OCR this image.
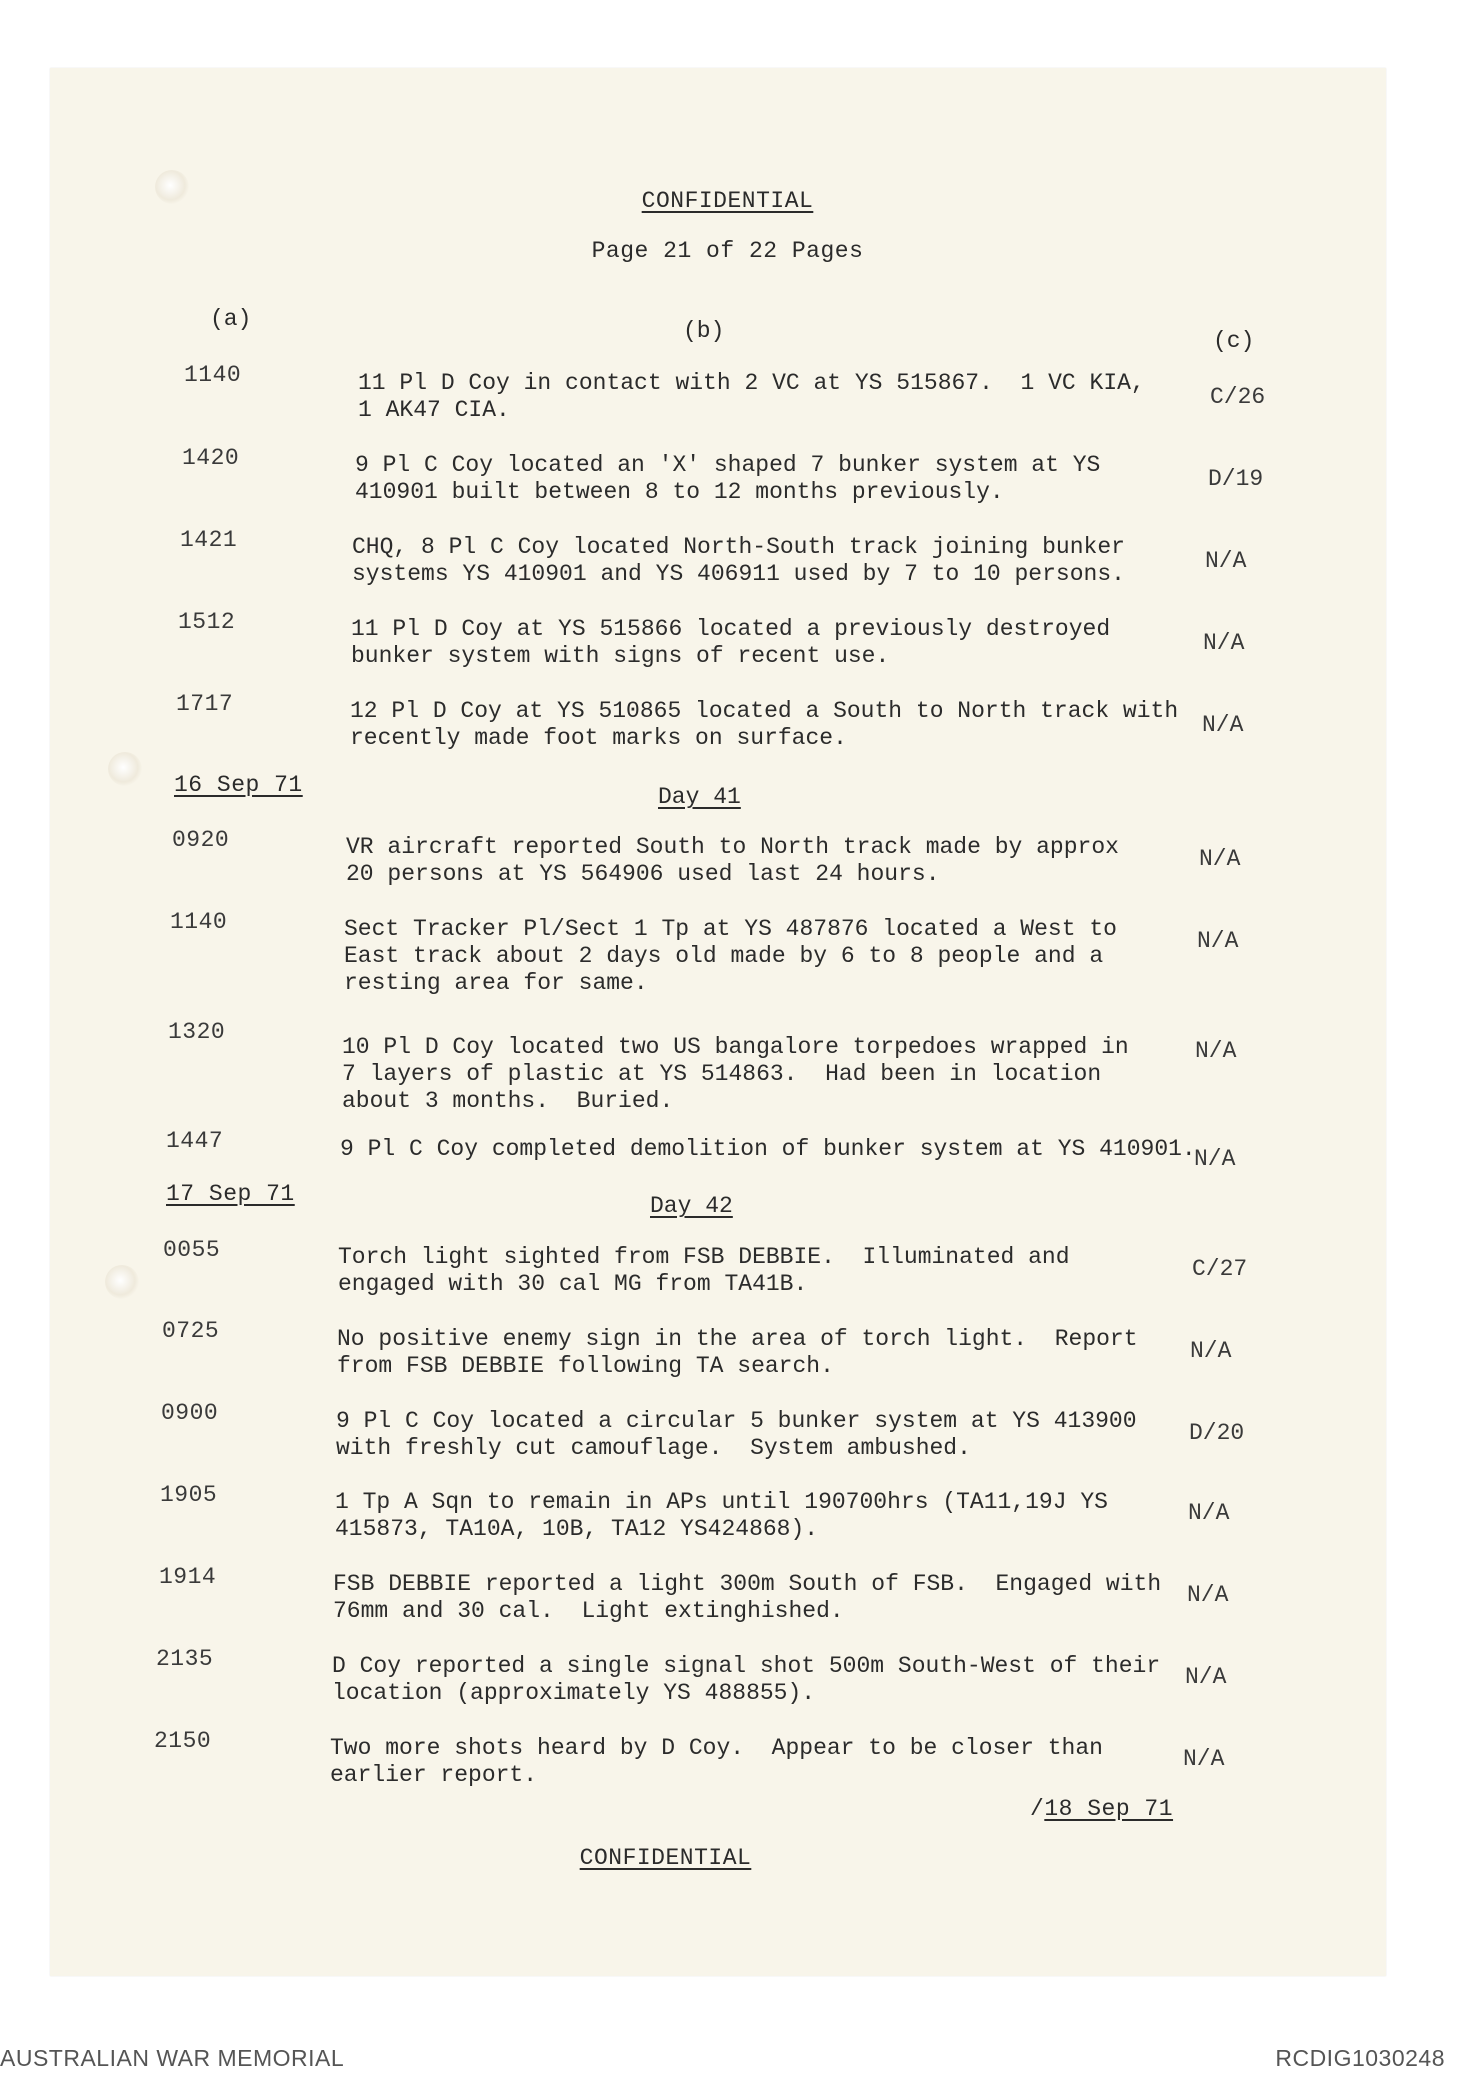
CONFIDENTIAL
Page 21 of 22 Pages
(a)	(b)	(c)
1140	11 Pl D Coy in contact with 2 VC at YS 515867.  1 VC KIA,
1 AK47 CIA.	C/26
1420	9 Pl C Coy located an 'X' shaped 7 bunker system at YS
410901 built between 8 to 12 months previously.	D/19
1421	CHQ, 8 Pl C Coy located North-South track joining bunker
systems YS 410901 and YS 406911 used by 7 to 10 persons.	N/A
1512	11 Pl D Coy at YS 515866 located a previously destroyed
bunker system with signs of recent use.	N/A
1717	12 Pl D Coy at YS 510865 located a South to North track with
recently made foot marks on surface.	N/A
16 Sep 71	Day 41
0920	VR aircraft reported South to North track made by approx
20 persons at YS 564906 used last 24 hours.
N/A
1140	Sect Tracker Pl/Sect 1 Tp at YS 487876 located a West to
East track about 2 days old made by 6 to 8 people and a
resting area for same.
N/A
1320
10 Pl D Coy located two US bangalore torpedoes wrapped in
7 layers of plastic at YS 514863.  Had been in location
about 3 months.  Buried.
N/A
1447	9 Pl C Coy completed demolition of bunker system at YS 410901.
N/A
17 Sep 71	Day 42
0055	Torch light sighted from FSB DEBBIE.  Illuminated and
engaged with 30 cal MG from TA41B.
C/27
0725	No positive enemy sign in the area of torch light.  Report
from FSB DEBBIE following TA search.
N/A
0900	9 Pl C Coy located a circular 5 bunker system at YS 413900
with freshly cut camouflage.  System ambushed.
D/20
1905	1 Tp A Sqn to remain in APs until 190700hrs (TA11,19J YS
415873, TA10A, 10B, TA12 YS424868).
N/A
1914	FSB DEBBIE reported a light 300m South of FSB.  Engaged with
76mm and 30 cal.  Light extinghished.
N/A
2135	D Coy reported a single signal shot 500m South-West of their
location (approximately YS 488855).
N/A
2150	Two more shots heard by D Coy.  Appear to be closer than
earlier report.
N/A
/18 Sep 71
CONFIDENTIAL
AUSTRALIAN WAR MEMORIAL	RCDIG1030248
